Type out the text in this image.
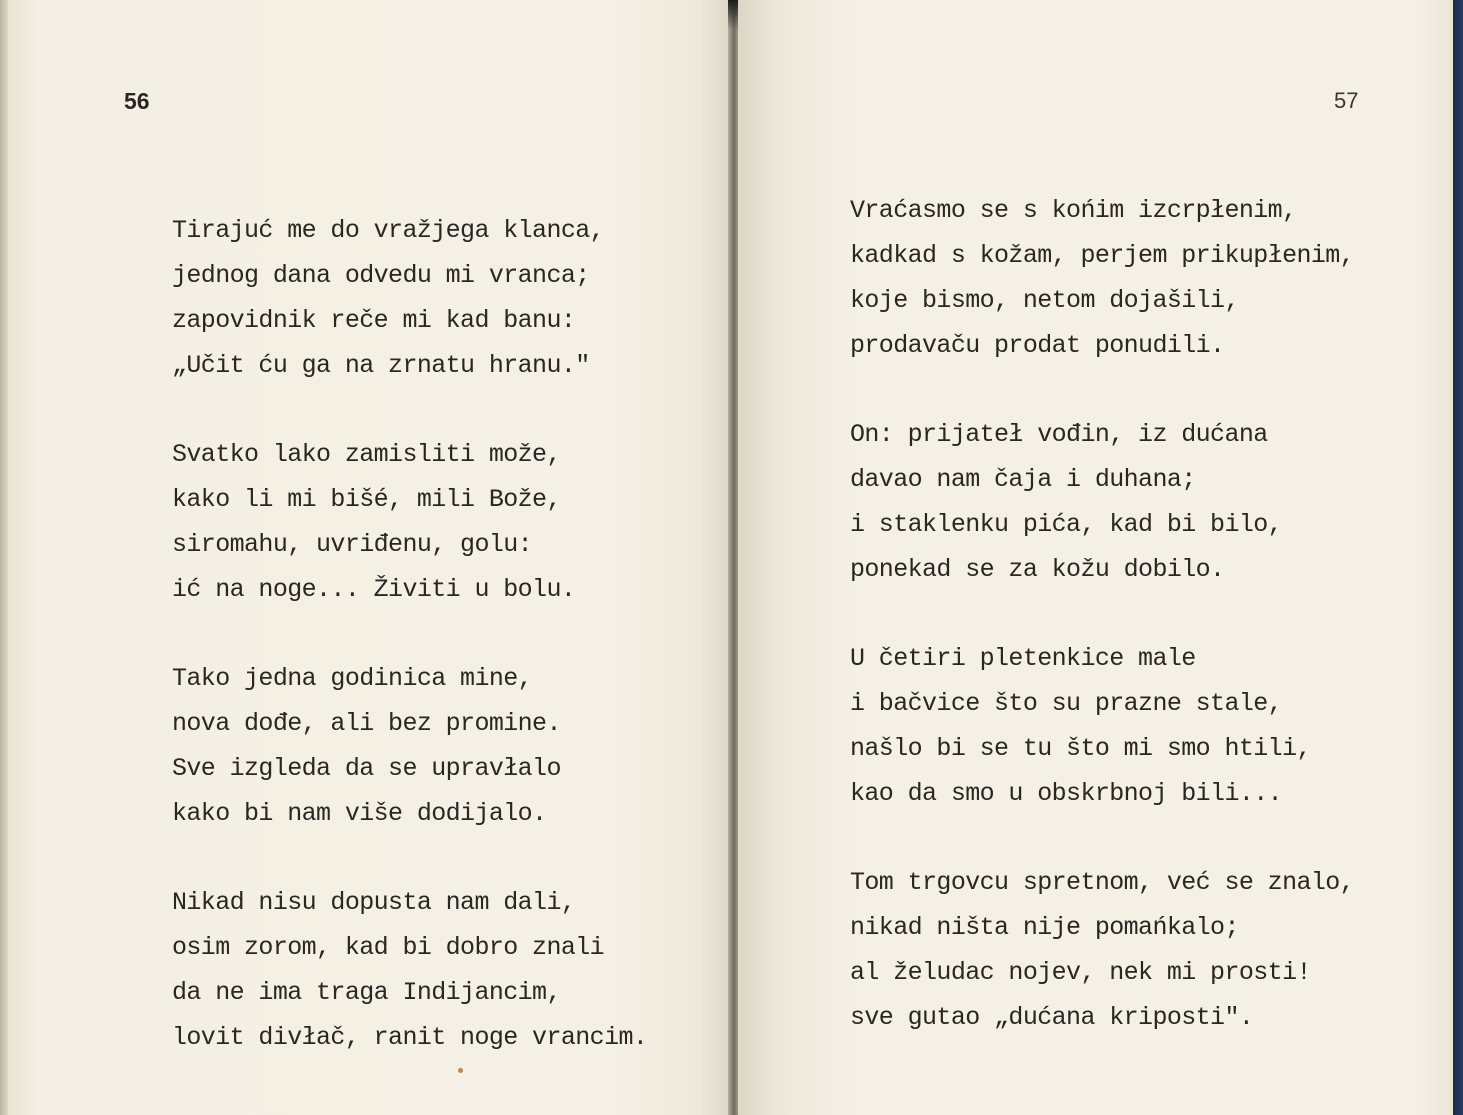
56
Tirajuć me do vražjega klanca,
jednog dana odvedu mi vranca;
zapovidnik reče mi kad banu:
„Učit ću ga na zrnatu hranu."
Svatko lako zamisliti može,
kako li mi bišé, mili Bože,
siromahu, uvriđenu, golu:
ić na noge... Živiti u bolu.
Tako jedna godinica mine,
nova dođe, ali bez promine.
Sve izgleda da se upravłalo
kako bi nam više dodijalo.
Nikad nisu dopusta nam dali,
osim zorom, kad bi dobro znali
da ne ima traga Indijancim,
lovit divłač, ranit noge vrancim.
57
Vraćasmo se s końim izcrpłenim,
kadkad s kožam, perjem prikupłenim,
koje bismo, netom dojašili,
prodavaču prodat ponudili.
On: prijateł vođin, iz dućana
davao nam čaja i duhana;
i staklenku pića, kad bi bilo,
ponekad se za kožu dobilo.
U četiri pletenkice male
i bačvice što su prazne stale,
našlo bi se tu što mi smo htili,
kao da smo u obskrbnoj bili...
Tom trgovcu spretnom, već se znalo,
nikad ništa nije pomańkalo;
al želudac nojev, nek mi prosti!
sve gutao „dućana kriposti".
